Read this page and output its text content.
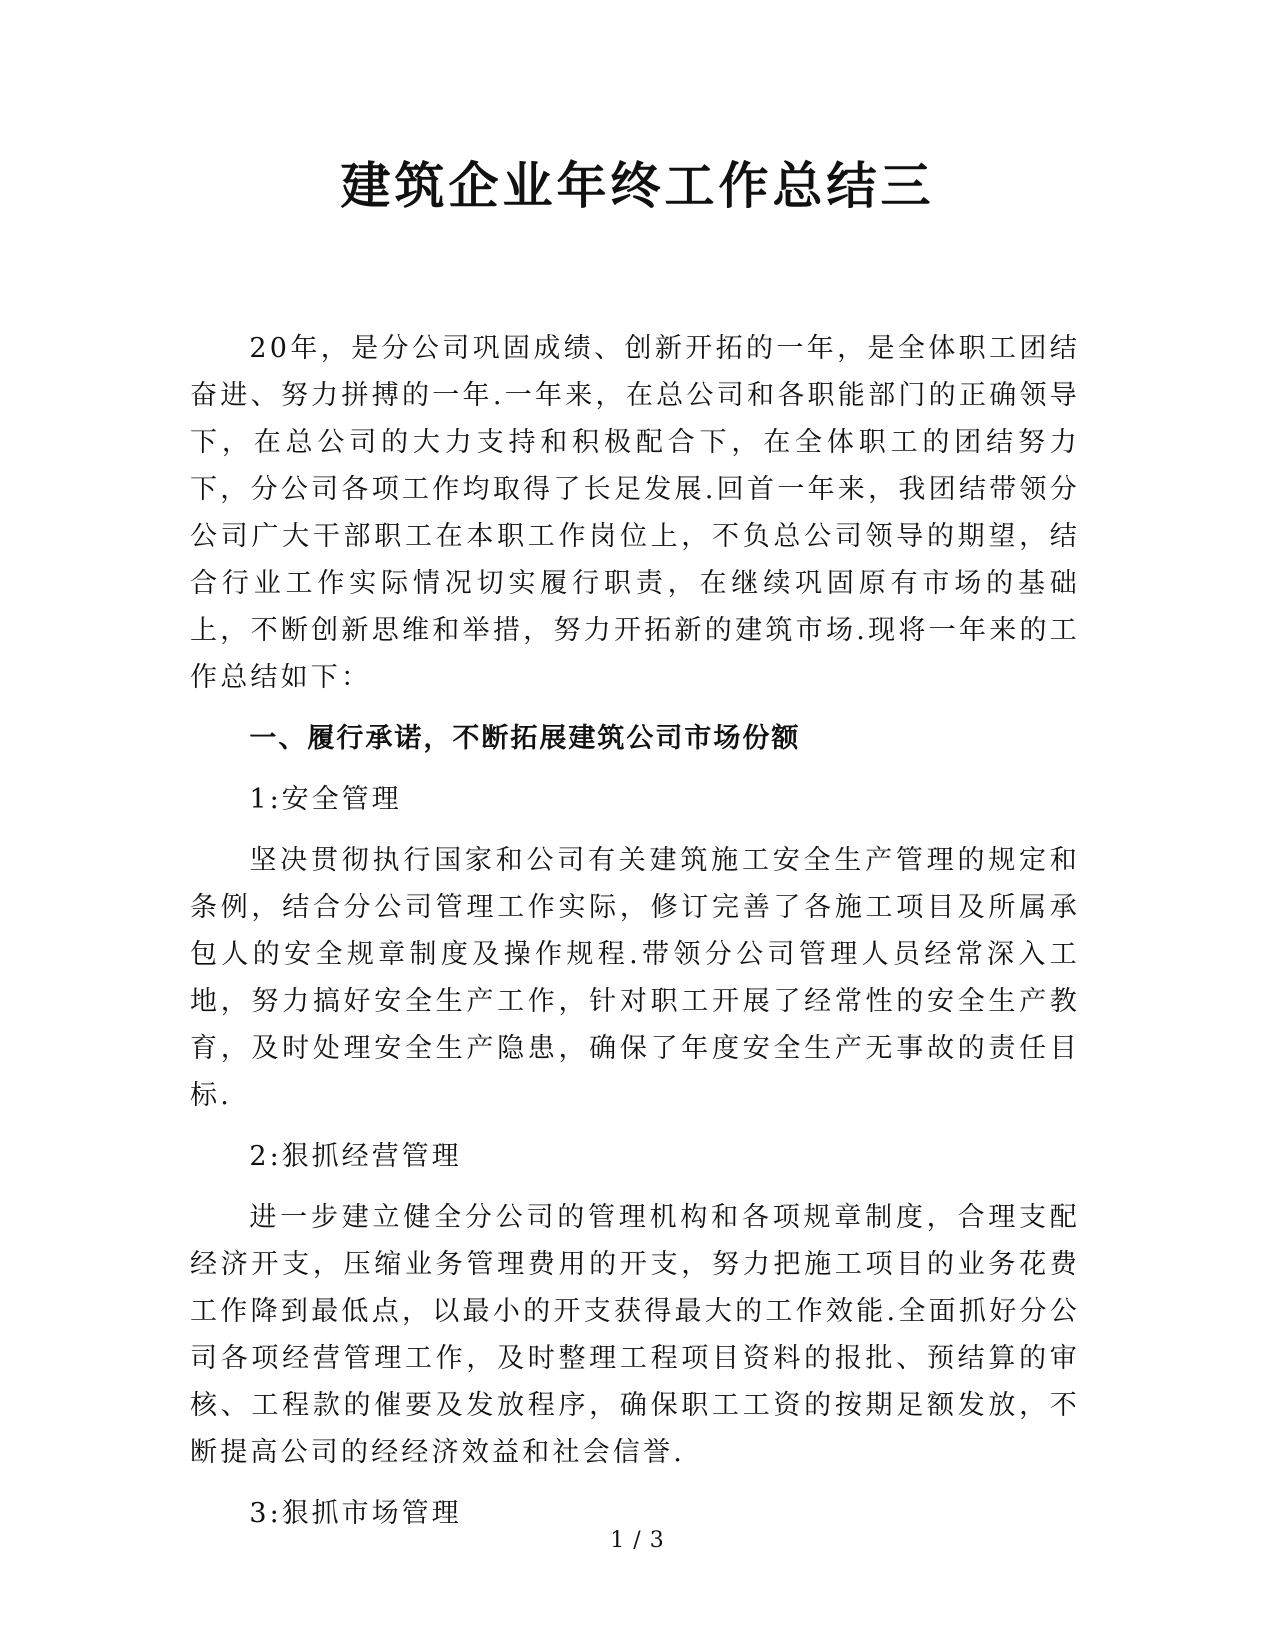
建筑企业年终工作总结三

20年，是分公司巩固成绩、创新开拓的一年，是全体职工团结奋进、努力拼搏的一年.一年来，在总公司和各职能部门的正确领导下，在总公司的大力支持和积极配合下，在全体职工的团结努力下，分公司各项工作均取得了长足发展.回首一年来，我团结带领分公司广大干部职工在本职工作岗位上，不负总公司领导的期望，结合行业工作实际情况切实履行职责，在继续巩固原有市场的基础上，不断创新思维和举措，努力开拓新的建筑市场.现将一年来的工作总结如下：

一、履行承诺，不断拓展建筑公司市场份额

1:安全管理

坚决贯彻执行国家和公司有关建筑施工安全生产管理的规定和条例，结合分公司管理工作实际，修订完善了各施工项目及所属承包人的安全规章制度及操作规程.带领分公司管理人员经常深入工地，努力搞好安全生产工作，针对职工开展了经常性的安全生产教育，及时处理安全生产隐患，确保了年度安全生产无事故的责任目标.

2:狠抓经营管理

进一步建立健全分公司的管理机构和各项规章制度，合理支配经济开支，压缩业务管理费用的开支，努力把施工项目的业务花费工作降到最低点，以最小的开支获得最大的工作效能.全面抓好分公司各项经营管理工作，及时整理工程项目资料的报批、预结算的审核、工程款的催要及发放程序，确保职工工资的按期足额发放，不断提高公司的经经济效益和社会信誉.

3:狠抓市场管理

1 / 3
